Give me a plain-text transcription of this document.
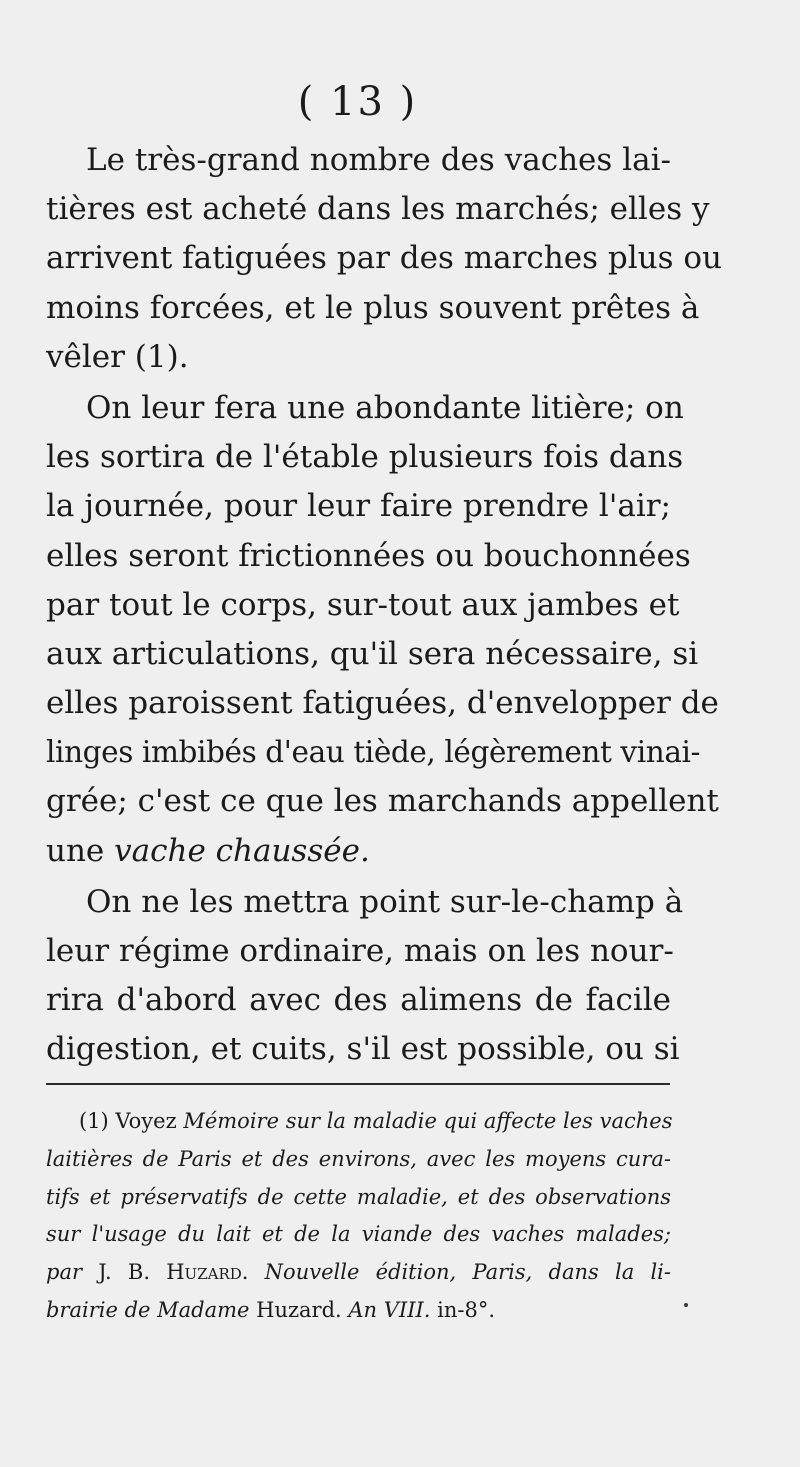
( 13 )
Le très-grand nombre des vaches lai-
tières est acheté dans les marchés; elles y
arrivent fatiguées par des marches plus ou
moins forcées, et le plus souvent prêtes à
vêler (1).
On leur fera une abondante litière; on
les sortira de l'étable plusieurs fois dans
la journée, pour leur faire prendre l'air;
elles seront frictionnées ou bouchonnées
par tout le corps, sur-tout aux jambes et
aux articulations, qu'il sera nécessaire, si
elles paroissent fatiguées, d'envelopper de
linges imbibés d'eau tiède, légèrement vinai-
grée; c'est ce que les marchands appellent
une vache chaussée.
On ne les mettra point sur-le-champ à
leur régime ordinaire, mais on les nour-
rira d'abord avec des alimens de facile
digestion, et cuits, s'il est possible, ou si
(1) Voyez Mémoire sur la maladie qui affecte les vaches
laitières de Paris et des environs, avec les moyens cura-
tifs et préservatifs de cette maladie, et des observations
sur l'usage du lait et de la viande des vaches malades;
par J. B. Huzard. Nouvelle édition, Paris, dans la li-
brairie de Madame Huzard. An VIII. in-8°.
